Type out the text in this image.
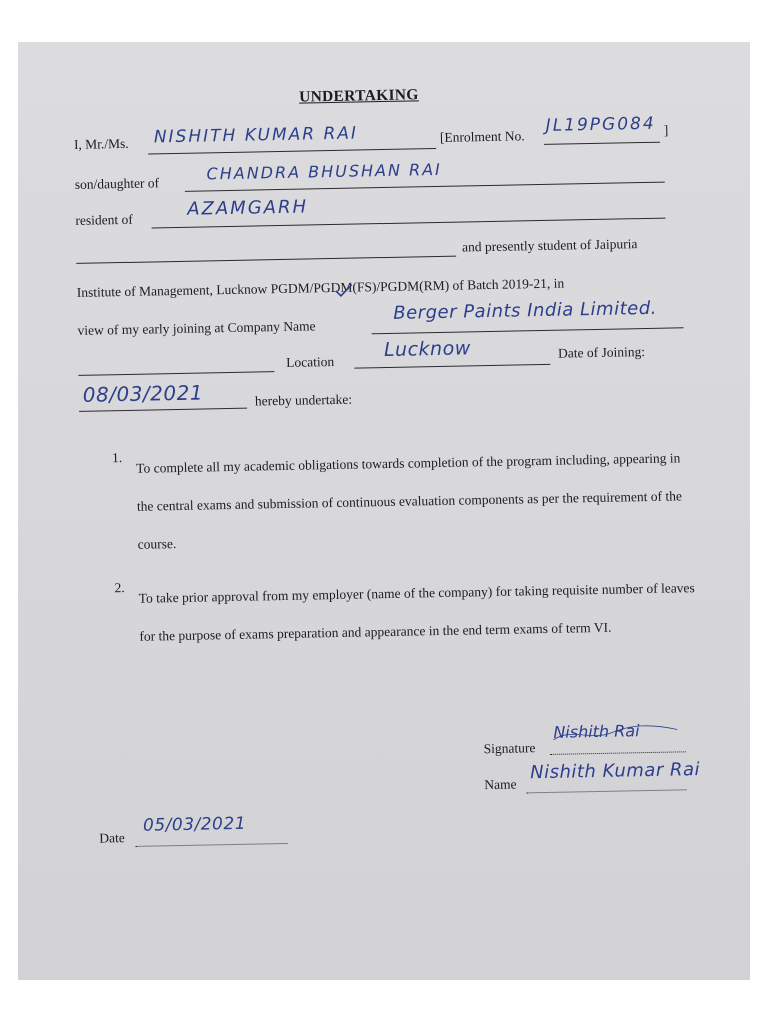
UNDERTAKING
I, Mr./Ms. NISHITH KUMAR RAI	[Enrolment No.
JL19PG084 ]
son/daughter of
CHANDRA BHUSHAN RAI
resident of
AZAMGARH
and presently student of Jaipuria
Institute of Management, Lucknow PGDM/PGDM(FS)/PGDM(RM) of Batch 2019-21, in
view of my early joining at Company Name
Berger Paints India Limited.
Location
Lucknow	Date of Joining:
08/03/2021	hereby undertake:
1. To complete all my academic obligations towards completion of the program including, appearing in the central exams and submission of continuous evaluation components as per the requirement of the course.
2. To take prior approval from my employer (name of the company) for taking requisite number of leaves for the purpose of exams preparation and appearance in the end term exams of term VI.
Signature
Nishith Rai
Name
Nishith Kumar Rai
Date
05/03/2021
